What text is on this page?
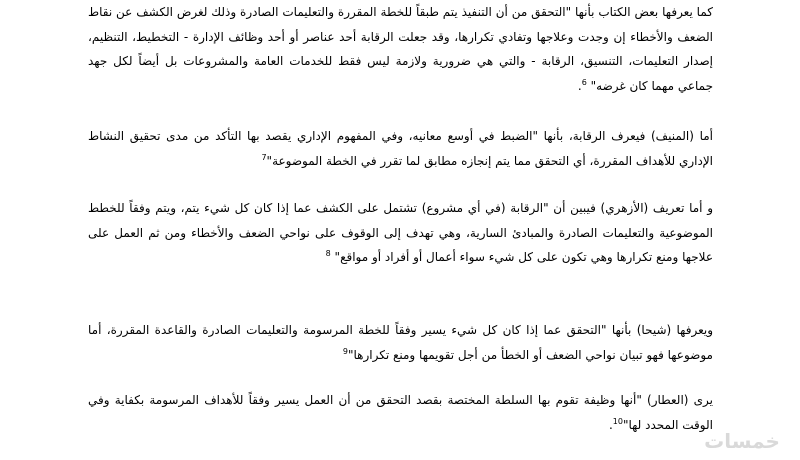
كما يعرفها بعض الكتاب بأنها "التحقق من أن التنفيذ يتم طبقاً للخطة المقررة والتعليمات الصادرة وذلك لغرض الكشف عن نقاط الضعف والأخطاء إن وجدت وعلاجها وتفادي تكرارها، وقد جعلت الرقابة أحد عناصر أو أحد وظائف الإدارة - التخطيط، التنظيم، إصدار التعليمات، التنسيق، الرقابة - والتي هي ضرورية ولازمة ليس فقط للخدمات العامة والمشروعات بل أيضاً لكل جهد جماعي مهما كان غرضه" $^6$.

أما (المنيف) فيعرف الرقابة، بأنها "الضبط في أوسع معانيه، وفي المفهوم الإداري يقصد بها التأكد من مدى تحقيق النشاط الإداري للأهداف المقررة، أي التحقق مما يتم إنجازه مطابق لما تقرر في الخطة الموضوعة"$^7$

و أما تعريف (الأزهري) فيبين أن "الرقابة (في أي مشروع) تشتمل على الكشف عما إذا كان كل شيء يتم، ويتم وفقاً للخطط الموضوعية والتعليمات الصادرة والمبادئ السارية، وهي تهدف إلى الوقوف على نواحي الضعف والأخطاء ومن ثم العمل على علاجها ومنع تكرارها وهي تكون على كل شيء سواء أعمال أو أفراد أو مواقع" $^8$

ويعرفها (شيحا) بأنها "التحقق عما إذا كان كل شيء يسير وفقاً للخطة المرسومة والتعليمات الصادرة والقاعدة المقررة، أما موضوعها فهو تبيان نواحي الضعف أو الخطأ من أجل تقويمها ومنع تكرارها"$^9$

يرى (العطار) "أنها وظيفة تقوم بها السلطة المختصة بقصد التحقق من أن العمل يسير وفقاً للأهداف المرسومة بكفاية وفي الوقت المحدد لها"$^{10}$.

خمسات
